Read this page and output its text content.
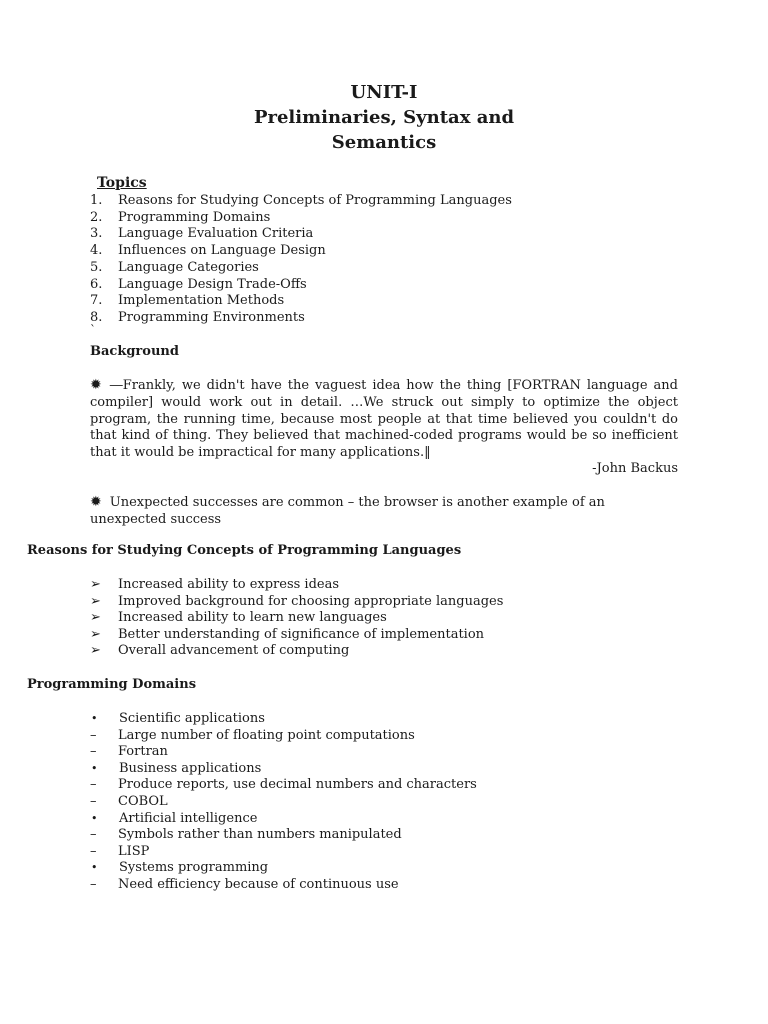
UNIT-I
Preliminaries, Syntax and
Semantics
Topics
1.	Reasons for Studying Concepts of Programming Languages
2.	Programming Domains
3.	Language Evaluation Criteria
4.	Influences on Language Design
5.	Language Categories
6.	Language Design Trade-Offs
7.	Implementation Methods
8.	Programming Environments
`
Background
✹ ―Frankly, we didn't have the vaguest idea how the thing [FORTRAN language and compiler] would work out in detail. …We struck out simply to optimize the object program, the running time, because most people at that time believed you couldn't do that kind of thing. They believed that machined-coded programs would be so inefficient that it would be impractical for many applications.‖
-John Backus
✹ Unexpected successes are common – the browser is another example of an unexpected success
Reasons for Studying Concepts of Programming Languages
➢	Increased ability to express ideas
➢	Improved background for choosing appropriate languages
➢	Increased ability to learn new languages
➢	Better understanding of significance of implementation
➢	Overall advancement of computing
Programming Domains
•	Scientific applications
–	Large number of floating point computations
–	Fortran
•	Business applications
–	Produce reports, use decimal numbers and characters
–	COBOL
•	Artificial intelligence
–	Symbols rather than numbers manipulated
–	LISP
•	Systems programming
–	Need efficiency because of continuous use
